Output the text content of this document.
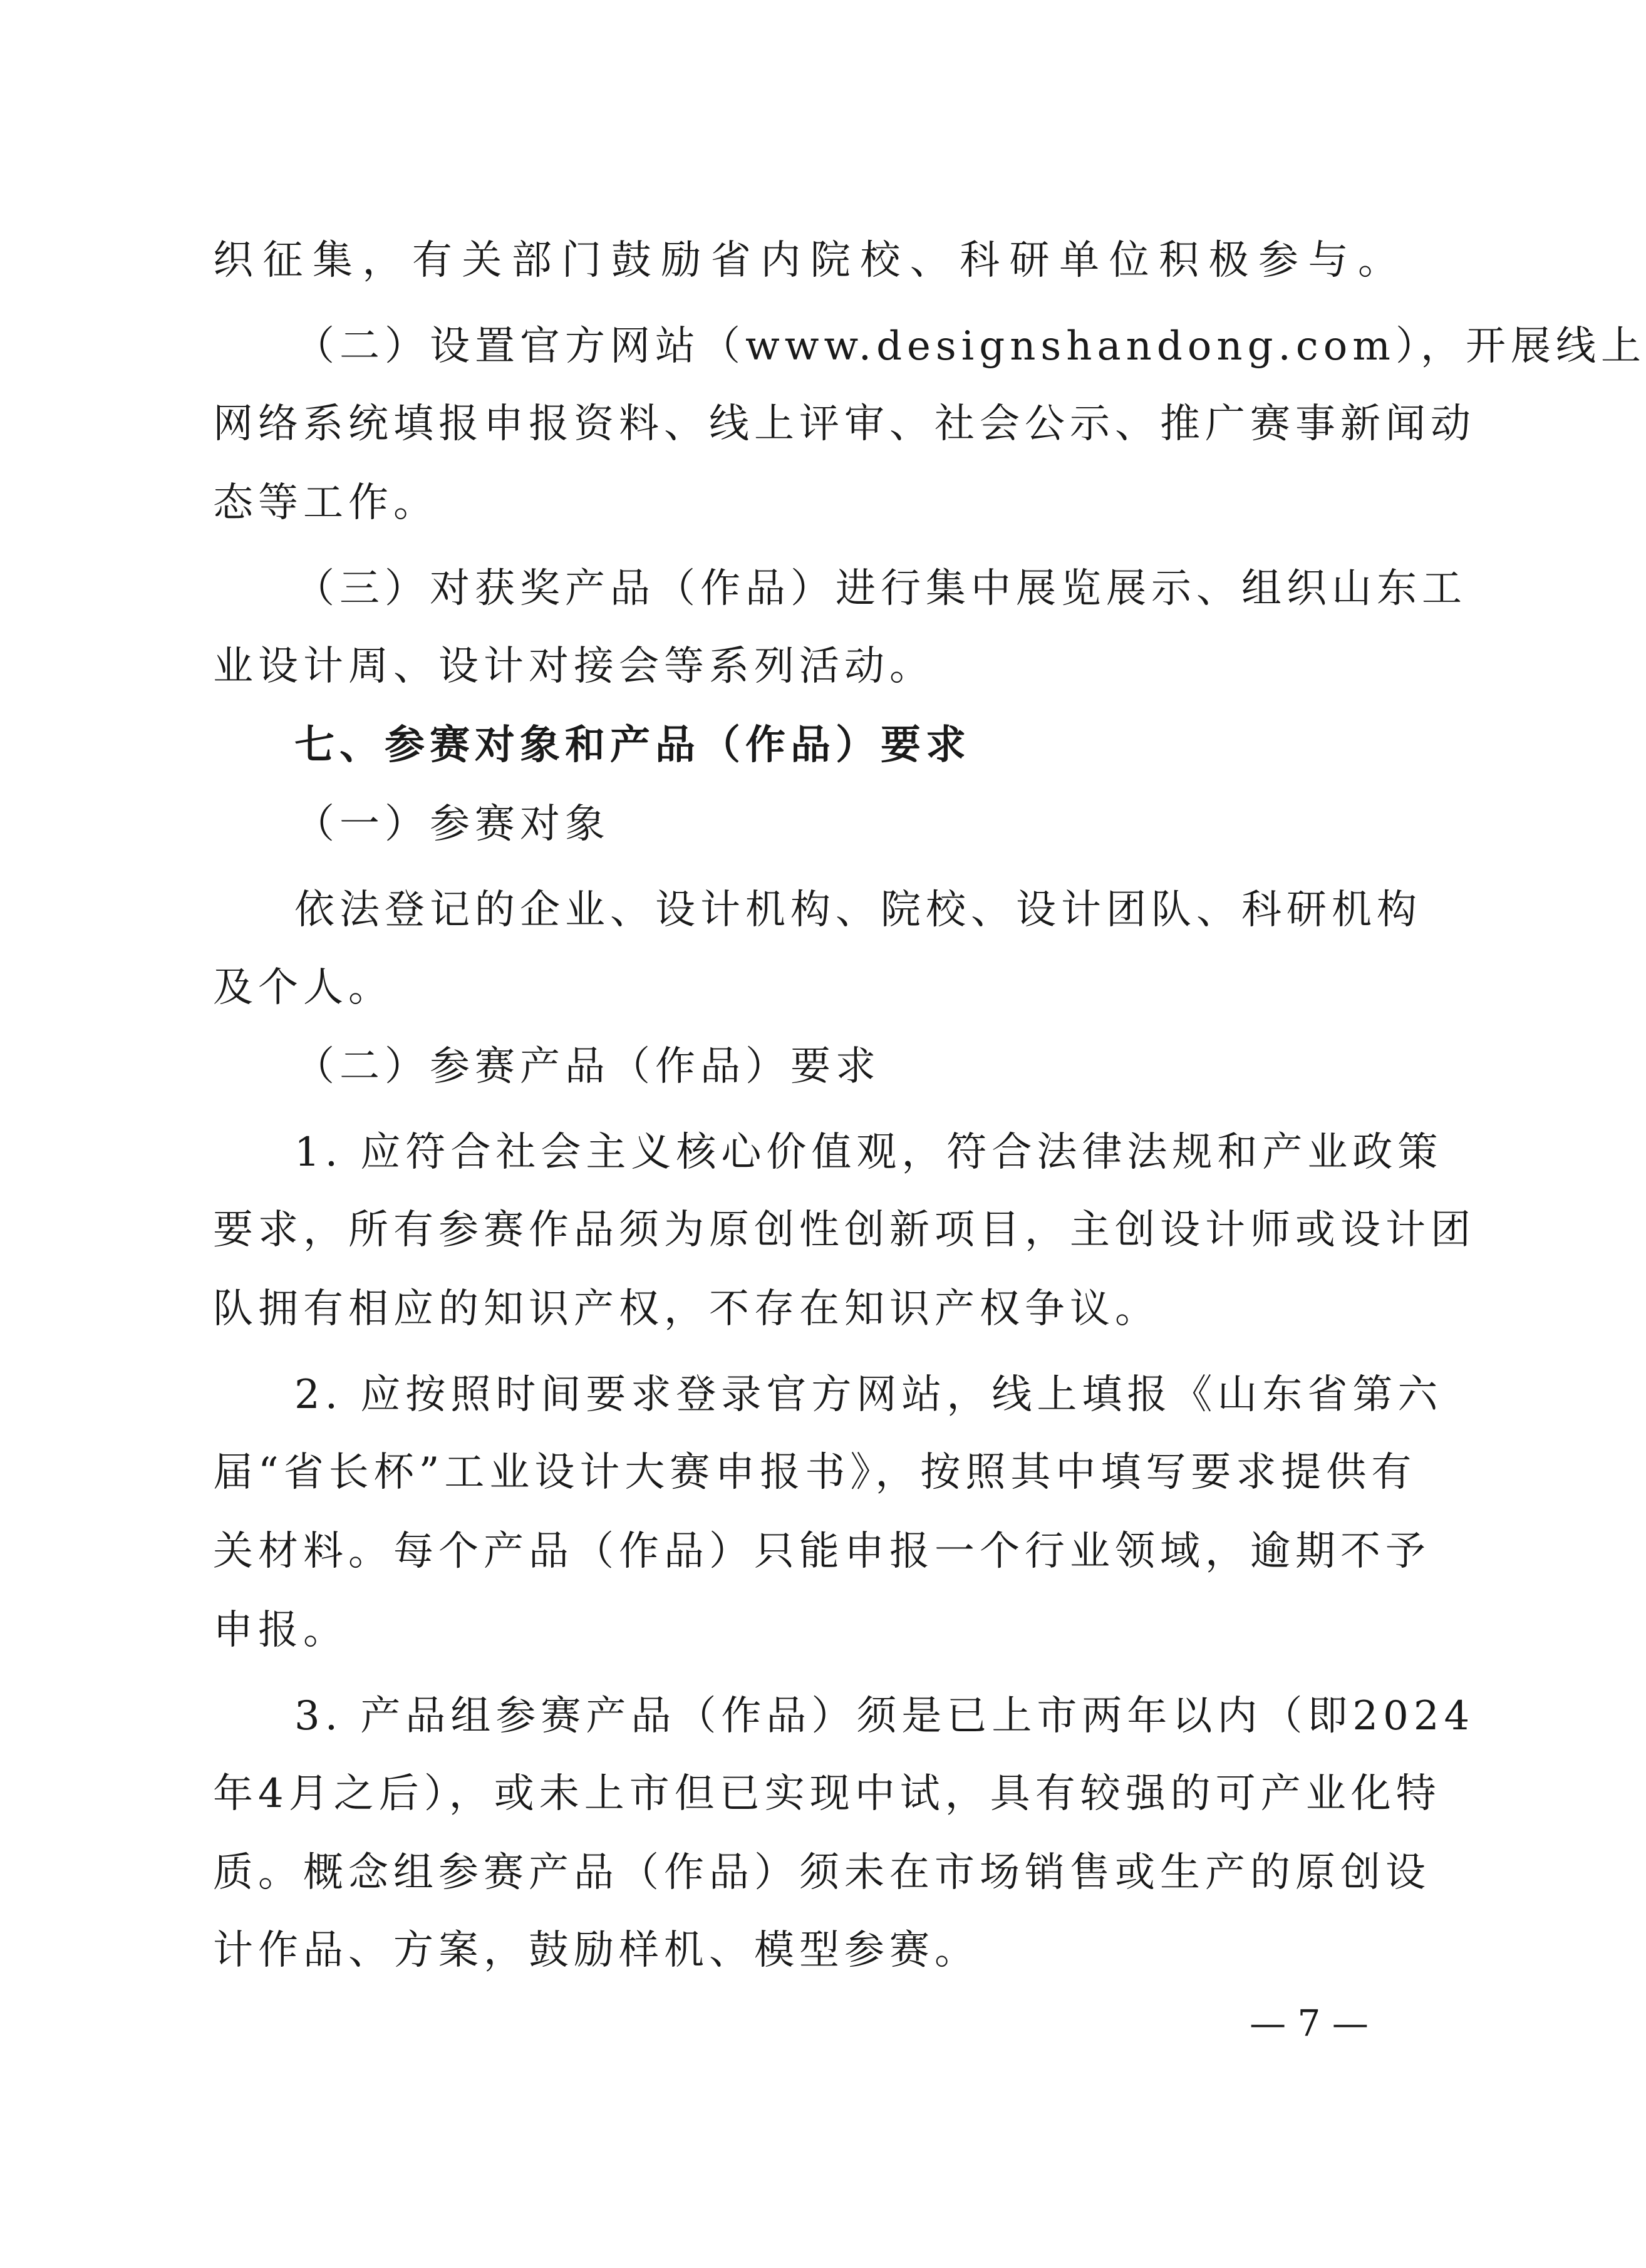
织征集，有关部门鼓励省内院校、科研单位积极参与。
（二）设置官方网站（www.designshandong.com），开展线上
网络系统填报申报资料、线上评审、社会公示、推广赛事新闻动
态等工作。
（三）对获奖产品（作品）进行集中展览展示、组织山东工
业设计周、设计对接会等系列活动。
七、参赛对象和产品（作品）要求
（一）参赛对象
依法登记的企业、设计机构、院校、设计团队、科研机构
及个人。
（二）参赛产品（作品）要求
1. 应符合社会主义核心价值观，符合法律法规和产业政策
要求，所有参赛作品须为原创性创新项目，主创设计师或设计团
队拥有相应的知识产权，不存在知识产权争议。
2. 应按照时间要求登录官方网站，线上填报《山东省第六
届“省长杯”工业设计大赛申报书》，按照其中填写要求提供有
关材料。每个产品（作品）只能申报一个行业领域，逾期不予
申报。
3. 产品组参赛产品（作品）须是已上市两年以内（即2024
年4月之后），或未上市但已实现中试，具有较强的可产业化特
质。概念组参赛产品（作品）须未在市场销售或生产的原创设
计作品、方案，鼓励样机、模型参赛。
— 7 —
